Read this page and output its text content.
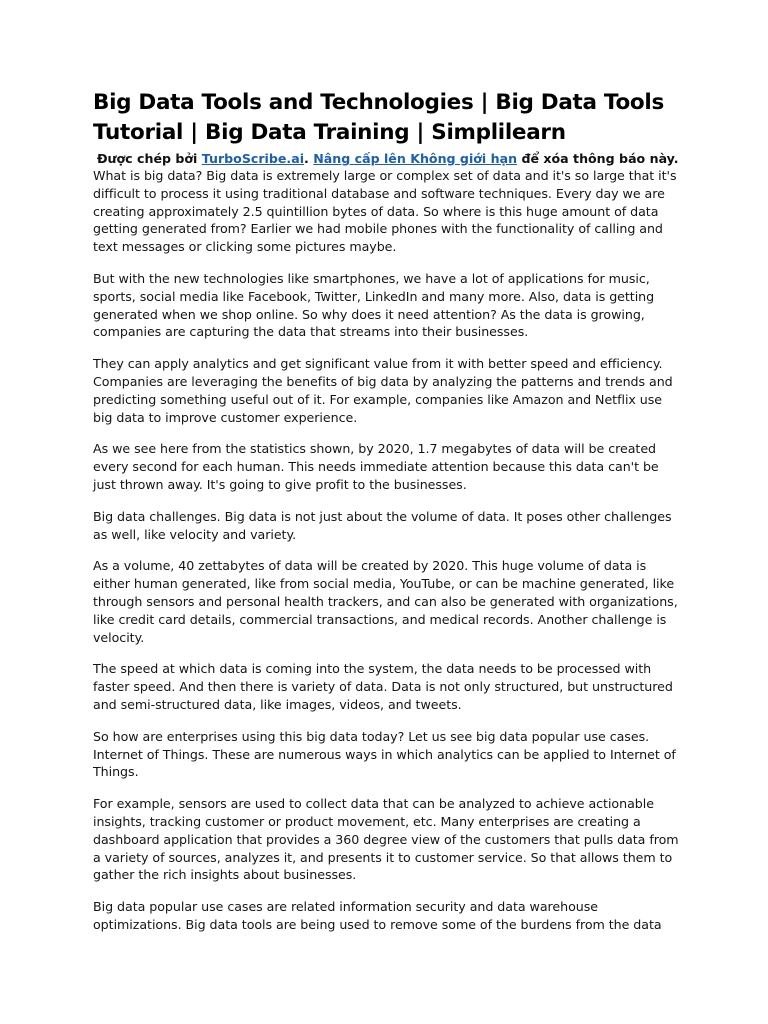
Big Data Tools and Technologies | Big Data Tools Tutorial | Big Data Training | Simplilearn
Được chép bởi TurboScribe.ai. Nâng cấp lên Không giới hạn để xóa thông báo này.

What is big data? Big data is extremely large or complex set of data and it's so large that it's difficult to process it using traditional database and software techniques. Every day we are creating approximately 2.5 quintillion bytes of data. So where is this huge amount of data getting generated from? Earlier we had mobile phones with the functionality of calling and text messages or clicking some pictures maybe.

But with the new technologies like smartphones, we have a lot of applications for music, sports, social media like Facebook, Twitter, LinkedIn and many more. Also, data is getting generated when we shop online. So why does it need attention? As the data is growing, companies are capturing the data that streams into their businesses.

They can apply analytics and get significant value from it with better speed and efficiency. Companies are leveraging the benefits of big data by analyzing the patterns and trends and predicting something useful out of it. For example, companies like Amazon and Netflix use big data to improve customer experience.

As we see here from the statistics shown, by 2020, 1.7 megabytes of data will be created every second for each human. This needs immediate attention because this data can't be just thrown away. It's going to give profit to the businesses.

Big data challenges. Big data is not just about the volume of data. It poses other challenges as well, like velocity and variety.

As a volume, 40 zettabytes of data will be created by 2020. This huge volume of data is either human generated, like from social media, YouTube, or can be machine generated, like through sensors and personal health trackers, and can also be generated with organizations, like credit card details, commercial transactions, and medical records. Another challenge is velocity.

The speed at which data is coming into the system, the data needs to be processed with faster speed. And then there is variety of data. Data is not only structured, but unstructured and semi-structured data, like images, videos, and tweets.

So how are enterprises using this big data today? Let us see big data popular use cases. Internet of Things. These are numerous ways in which analytics can be applied to Internet of Things.

For example, sensors are used to collect data that can be analyzed to achieve actionable insights, tracking customer or product movement, etc. Many enterprises are creating a dashboard application that provides a 360 degree view of the customers that pulls data from a variety of sources, analyzes it, and presents it to customer service. So that allows them to gather the rich insights about businesses.

Big data popular use cases are related information security and data warehouse optimizations. Big data tools are being used to remove some of the burdens from the data
